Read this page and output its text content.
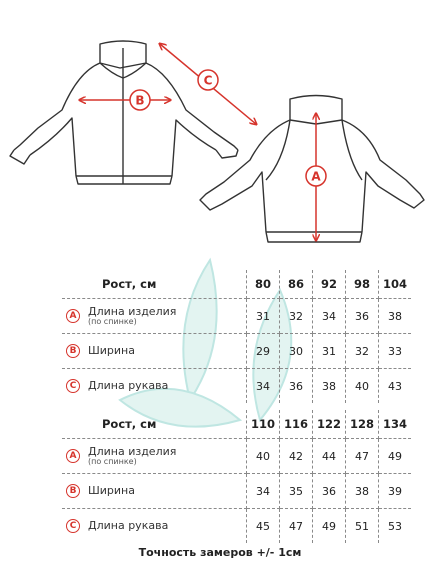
B
C
A
Рост, см	80	86	92	98	104

A Длина изделия
(по спинке)	31	32	34	36	38

B Ширина	29	30	31	32	33

C Длина рукава	34	36	38	40	43
Рост, см	110	116	122	128	134

A Длина изделия
(по спинке)	40	42	44	47	49

B Ширина	34	35	36	38	39

C Длина рукава	45	47	49	51	53
Точность замеров +/- 1см
